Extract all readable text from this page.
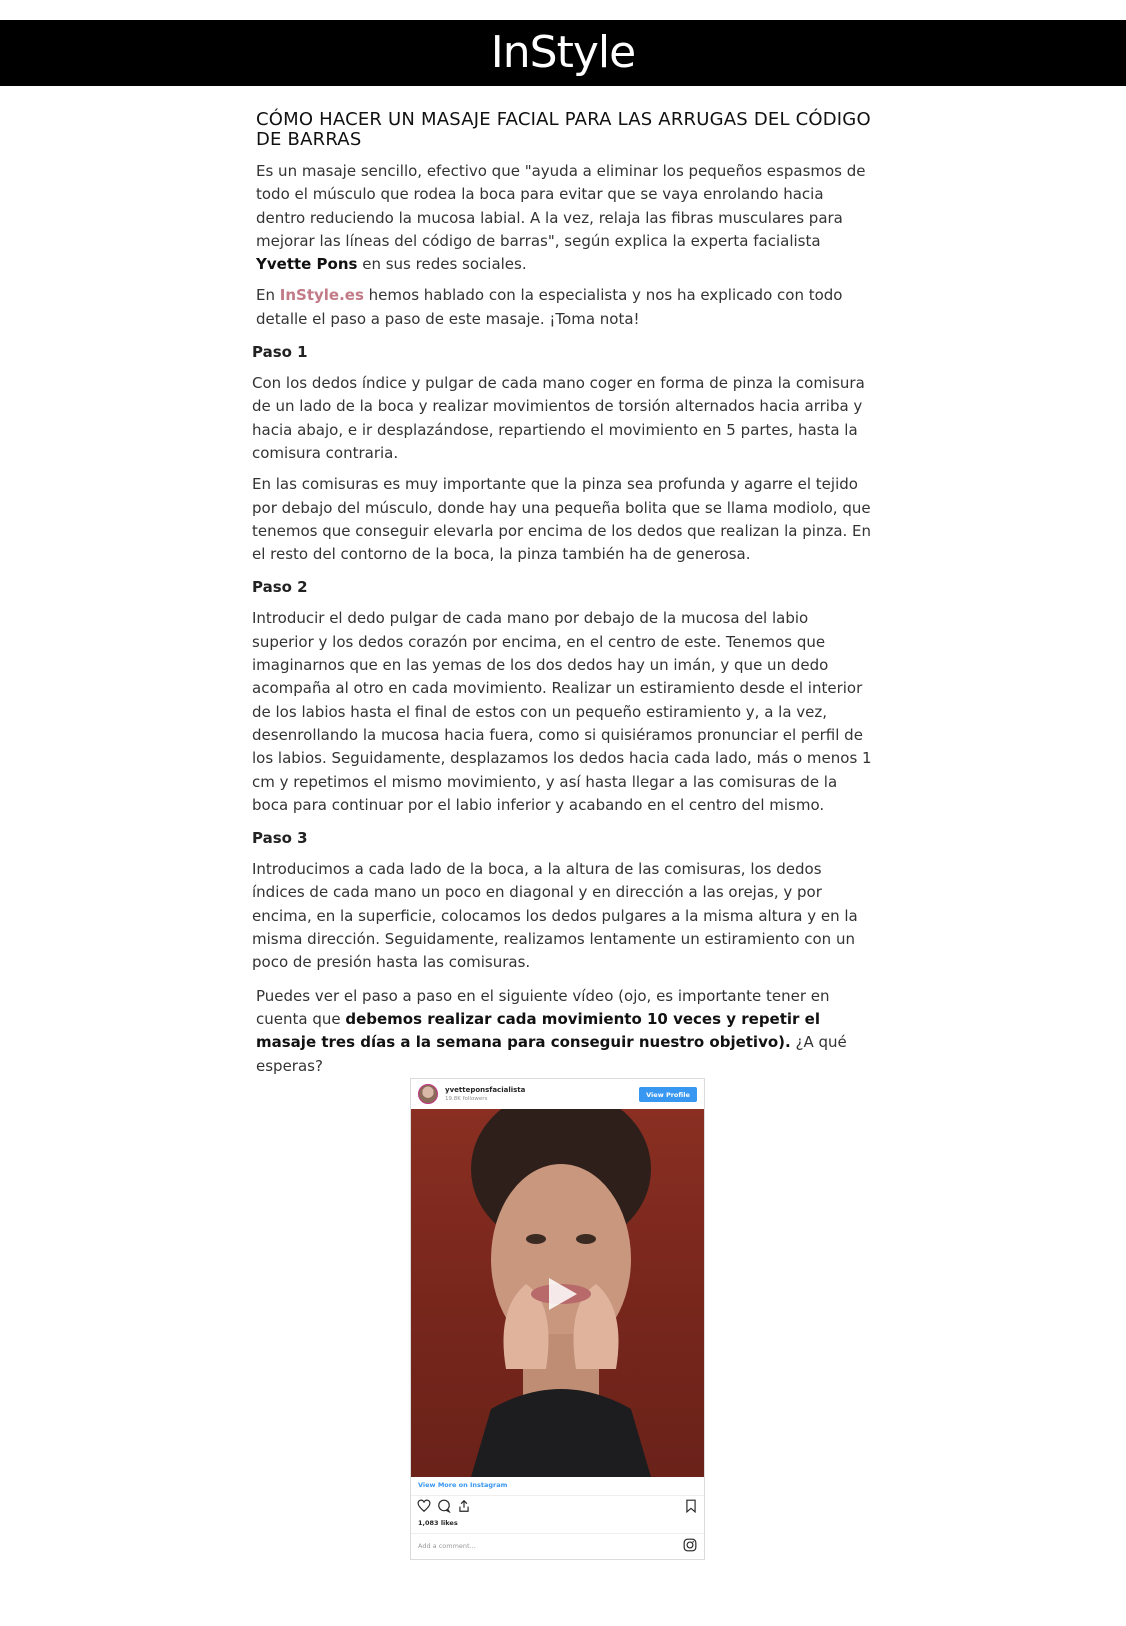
InStyle
CÓMO HACER UN MASAJE FACIAL PARA LAS ARRUGAS DEL CÓDIGO DE BARRAS

Es un masaje sencillo, efectivo que "ayuda a eliminar los pequeños espasmos de todo el músculo que rodea la boca para evitar que se vaya enrolando hacia dentro reduciendo la mucosa labial. A la vez, relaja las fibras musculares para mejorar las líneas del código de barras", según explica la experta facialista Yvette Pons en sus redes sociales.

En InStyle.es hemos hablado con la especialista y nos ha explicado con todo detalle el paso a paso de este masaje. ¡Toma nota!

Paso 1

Con los dedos índice y pulgar de cada mano coger en forma de pinza la comisura de un lado de la boca y realizar movimientos de torsión alternados hacia arriba y hacia abajo, e ir desplazándose, repartiendo el movimiento en 5 partes, hasta la comisura contraria.

En las comisuras es muy importante que la pinza sea profunda y agarre el tejido por debajo del músculo, donde hay una pequeña bolita que se llama modiolo, que tenemos que conseguir elevarla por encima de los dedos que realizan la pinza. En el resto del contorno de la boca, la pinza también ha de generosa.

Paso 2

Introducir el dedo pulgar de cada mano por debajo de la mucosa del labio superior y los dedos corazón por encima, en el centro de este. Tenemos que imaginarnos que en las yemas de los dos dedos hay un imán, y que un dedo acompaña al otro en cada movimiento. Realizar un estiramiento desde el interior de los labios hasta el final de estos con un pequeño estiramiento y, a la vez, desenrollando la mucosa hacia fuera, como si quisiéramos pronunciar el perfil de los labios. Seguidamente, desplazamos los dedos hacia cada lado, más o menos 1 cm y repetimos el mismo movimiento, y así hasta llegar a las comisuras de la boca para continuar por el labio inferior y acabando en el centro del mismo.

Paso 3

Introducimos a cada lado de la boca, a la altura de las comisuras, los dedos índices de cada mano un poco en diagonal y en dirección a las orejas, y por encima, en la superficie, colocamos los dedos pulgares a la misma altura y en la misma dirección. Seguidamente, realizamos lentamente un estiramiento con un poco de presión hasta las comisuras.

Puedes ver el paso a paso en el siguiente vídeo (ojo, es importante tener en cuenta que debemos realizar cada movimiento 10 veces y repetir el masaje tres días a la semana para conseguir nuestro objetivo). ¿A qué esperas?

yvetteponsfacialista
19.8K followers	View Profile
View More on Instagram
1,083 likes
Add a comment...
